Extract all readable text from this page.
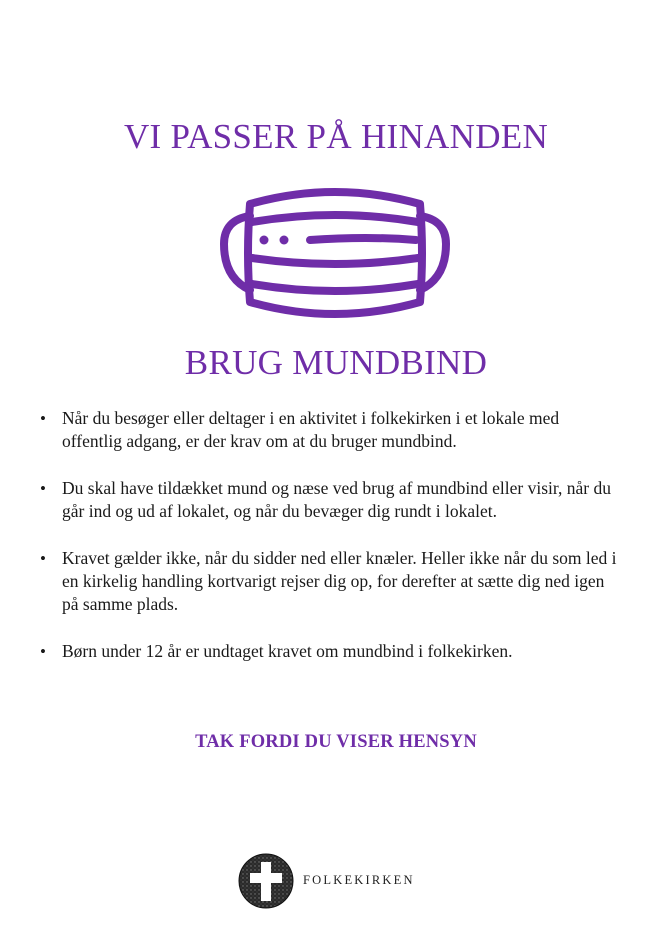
VI PASSER PÅ HINANDEN
BRUG MUNDBIND
• Når du besøger eller deltager i en aktivitet i folkekirken i et lokale med offentlig adgang, er der krav om at du bruger mundbind.
• Du skal have tildækket mund og næse ved brug af mundbind eller visir, når du går ind og ud af lokalet, og når du bevæger dig rundt i lokalet.
• Kravet gælder ikke, når du sidder ned eller knæler. Heller ikke når du som led i en kirkelig handling kortvarigt rejser dig op, for derefter at sætte dig ned igen på samme plads.
• Børn under 12 år er undtaget kravet om mundbind i folkekirken.
TAK FORDI DU VISER HENSYN
FOLKEKIRKEN
